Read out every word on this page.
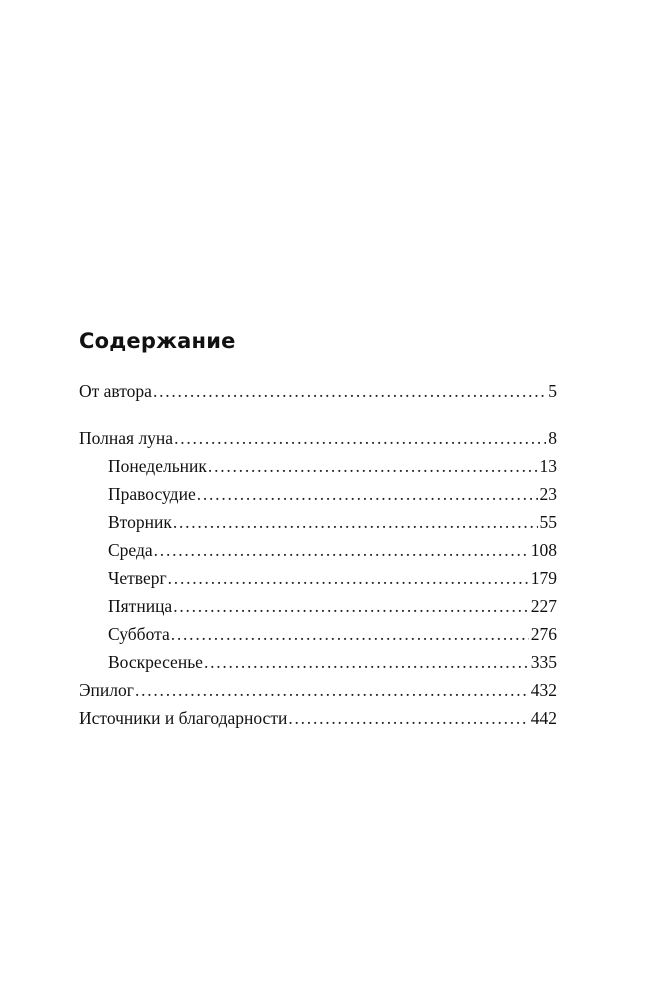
Содержание
От автора . . .	5
Полная луна . . .	8
Понедельник . . .	13
Правосудие . . .	23
Вторник . . .	55
Среда . . .	108
Четверг . . .	179
Пятница . . .	227
Суббота . . .	276
Воскресенье . . .	335
Эпилог . . .	432
Источники и благодарности . . .	442
